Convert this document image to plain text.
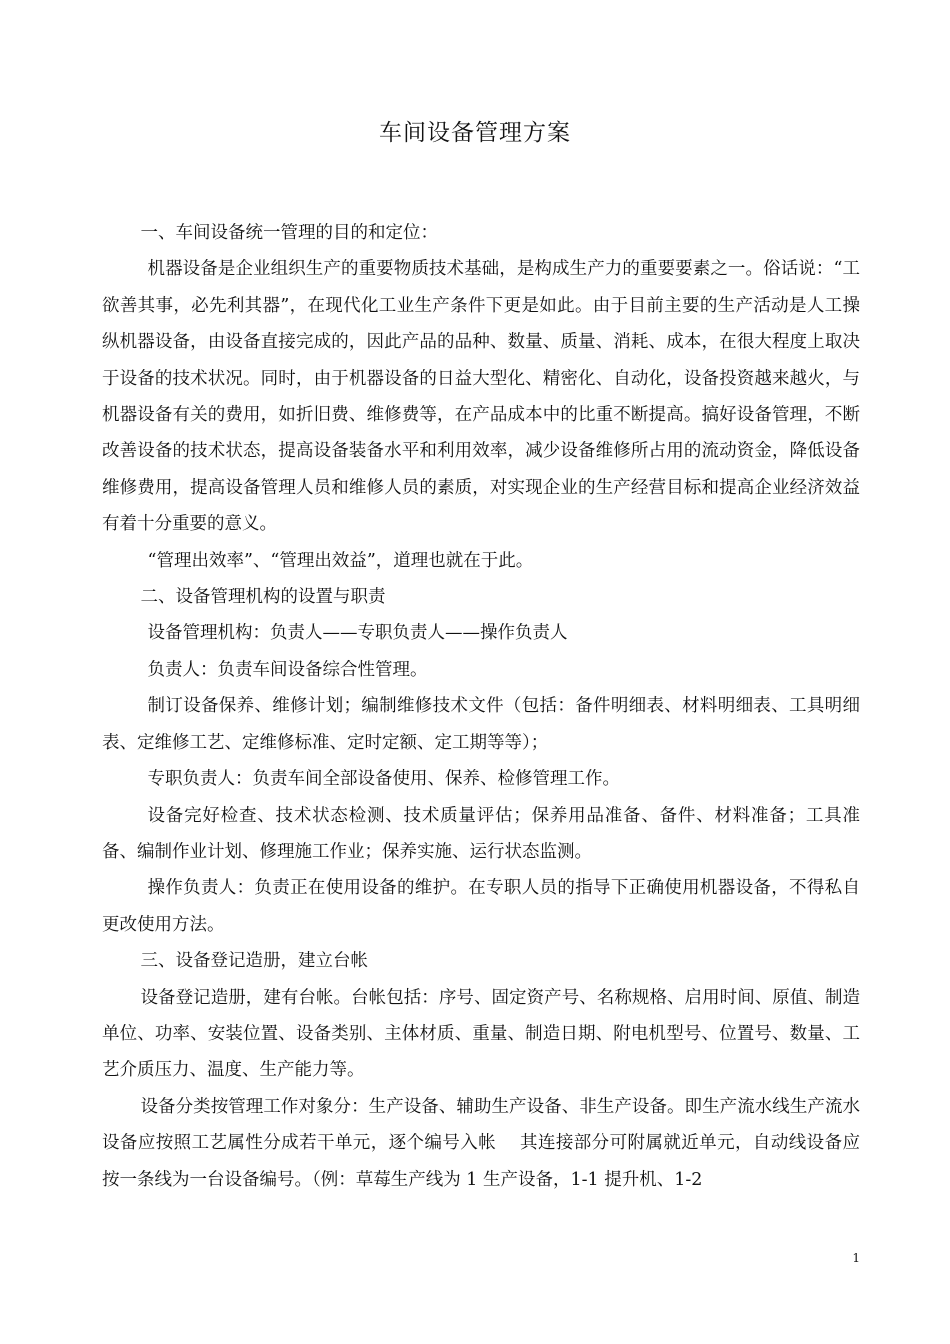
车间设备管理方案

一、车间设备统一管理的目的和定位：

机器设备是企业组织生产的重要物质技术基础，是构成生产力的重要要素之一。俗话说：“工欲善其事，必先利其器”，在现代化工业生产条件下更是如此。由于目前主要的生产活动是人工操纵机器设备，由设备直接完成的，因此产品的品种、数量、质量、消耗、成本，在很大程度上取决于设备的技术状况。同时，由于机器设备的日益大型化、精密化、自动化，设备投资越来越火，与机器设备有关的费用，如折旧费、维修费等，在产品成本中的比重不断提高。搞好设备管理，不断改善设备的技术状态，提高设备装备水平和利用效率，减少设备维修所占用的流动资金，降低设备维修费用，提高设备管理人员和维修人员的素质，对实现企业的生产经营目标和提高企业经济效益有着十分重要的意义。

“管理出效率”、“管理出效益”，道理也就在于此。

二、设备管理机构的设置与职责

设备管理机构：负责人——专职负责人——操作负责人

负责人：负责车间设备综合性管理。

制订设备保养、维修计划；编制维修技术文件（包括：备件明细表、材料明细表、工具明细表、定维修工艺、定维修标准、定时定额、定工期等等）；

专职负责人：负责车间全部设备使用、保养、检修管理工作。

设备完好检查、技术状态检测、技术质量评估；保养用品准备、备件、材料准备；工具准备、编制作业计划、修理施工作业；保养实施、运行状态监测。

操作负责人：负责正在使用设备的维护。在专职人员的指导下正确使用机器设备，不得私自更改使用方法。

三、设备登记造册，建立台帐

设备登记造册，建有台帐。台帐包括：序号、固定资产号、名称规格、启用时间、原值、制造单位、功率、安装位置、设备类别、主体材质、重量、制造日期、附电机型号、位置号、数量、工艺介质压力、温度、生产能力等。

设备分类按管理工作对象分：生产设备、辅助生产设备、非生产设备。即生产流水线生产流水设备应按照工艺属性分成若干单元，逐个编号入帐　 其连接部分可附属就近单元，自动线设备应按一条线为一台设备编号。（例：草莓生产线为 1 生产设备，1-1 提升机、1-2

1
